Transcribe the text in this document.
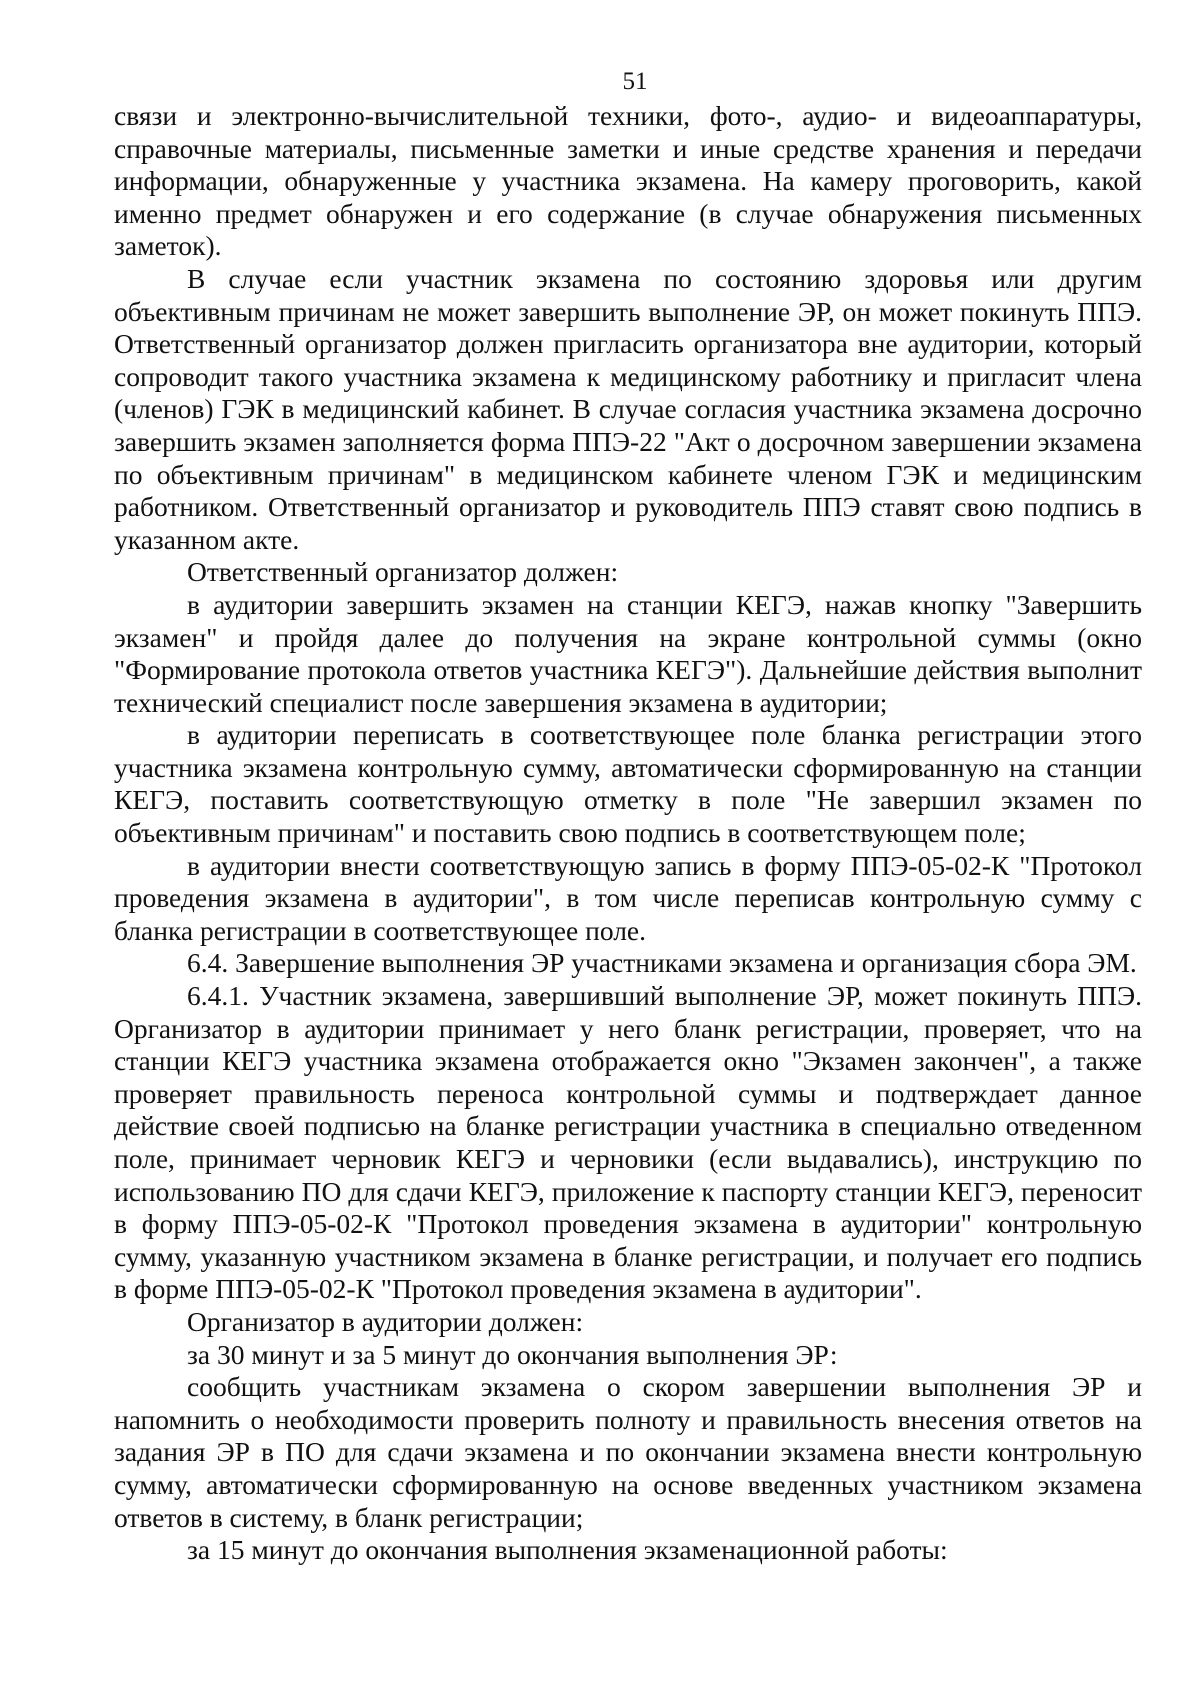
51

связи и электронно-вычислительной техники, фото-, аудио- и видеоаппаратуры, справочные материалы, письменные заметки и иные средстве хранения и передачи информации, обнаруженные у участника экзамена. На камеру проговорить, какой именно предмет обнаружен и его содержание (в случае обнаружения письменных заметок).

В случае если участник экзамена по состоянию здоровья или другим объективным причинам не может завершить выполнение ЭР, он может покинуть ППЭ. Ответственный организатор должен пригласить организатора вне аудитории, который сопроводит такого участника экзамена к медицинскому работнику и пригласит члена (членов) ГЭК в медицинский кабинет. В случае согласия участника экзамена досрочно завершить экзамен заполняется форма ППЭ-22 "Акт о досрочном завершении экзамена по объективным причинам" в медицинском кабинете членом ГЭК и медицинским работником. Ответственный организатор и руководитель ППЭ ставят свою подпись в указанном акте.

Ответственный организатор должен:

в аудитории завершить экзамен на станции КЕГЭ, нажав кнопку "Завершить экзамен" и пройдя далее до получения на экране контрольной суммы (окно "Формирование протокола ответов участника КЕГЭ"). Дальнейшие действия выполнит технический специалист после завершения экзамена в аудитории;

в аудитории переписать в соответствующее поле бланка регистрации этого участника экзамена контрольную сумму, автоматически сформированную на станции КЕГЭ, поставить соответствующую отметку в поле "Не завершил экзамен по объективным причинам" и поставить свою подпись в соответствующем поле;

в аудитории внести соответствующую запись в форму ППЭ-05-02-К "Протокол проведения экзамена в аудитории", в том числе переписав контрольную сумму с бланка регистрации в соответствующее поле.

6.4. Завершение выполнения ЭР участниками экзамена и организация сбора ЭМ.

6.4.1. Участник экзамена, завершивший выполнение ЭР, может покинуть ППЭ. Организатор в аудитории принимает у него бланк регистрации, проверяет, что на станции КЕГЭ участника экзамена отображается окно "Экзамен закончен", а также проверяет правильность переноса контрольной суммы и подтверждает данное действие своей подписью на бланке регистрации участника в специально отведенном поле, принимает черновик КЕГЭ и черновики (если выдавались), инструкцию по использованию ПО для сдачи КЕГЭ, приложение к паспорту станции КЕГЭ, переносит в форму ППЭ-05-02-К "Протокол проведения экзамена в аудитории" контрольную сумму, указанную участником экзамена в бланке регистрации, и получает его подпись в форме ППЭ-05-02-К "Протокол проведения экзамена в аудитории".

Организатор в аудитории должен:

за 30 минут и за 5 минут до окончания выполнения ЭР:

сообщить участникам экзамена о скором завершении выполнения ЭР и напомнить о необходимости проверить полноту и правильность внесения ответов на задания ЭР в ПО для сдачи экзамена и по окончании экзамена внести контрольную сумму, автоматически сформированную на основе введенных участником экзамена ответов в систему, в бланк регистрации;

за 15 минут до окончания выполнения экзаменационной работы:
